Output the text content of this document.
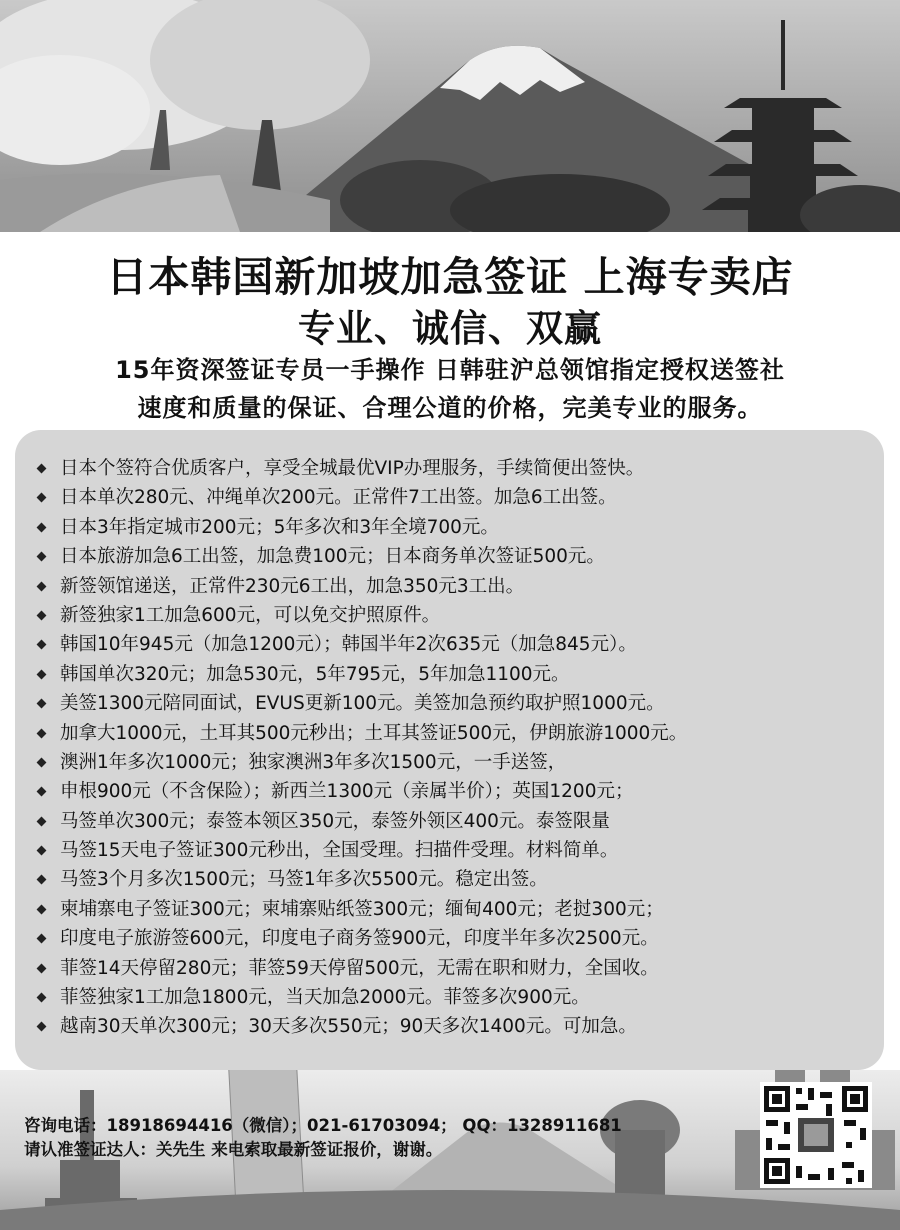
日本韩国新加坡加急签证 上海专卖店
专业、诚信、双赢
15年资深签证专员一手操作 日韩驻沪总领馆指定授权送签社
速度和质量的保证、合理公道的价格，完美专业的服务。
日本个签符合优质客户，享受全城最优VIP办理服务，手续简便出签快。
日本单次280元、冲绳单次200元。正常件7工出签。加急6工出签。
日本3年指定城市200元；5年多次和3年全境700元。
日本旅游加急6工出签，加急费100元；日本商务单次签证500元。
新签领馆递送，正常件230元6工出，加急350元3工出。
新签独家1工加急600元，可以免交护照原件。
韩国10年945元（加急1200元）；韩国半年2次635元（加急845元）。
韩国单次320元；加急530元，5年795元，5年加急1100元。
美签1300元陪同面试，EVUS更新100元。美签加急预约取护照1000元。
加拿大1000元，土耳其500元秒出；土耳其签证500元，伊朗旅游1000元。
澳洲1年多次1000元；独家澳洲3年多次1500元，一手送签，
申根900元（不含保险）；新西兰1300元（亲属半价）；英国1200元；
马签单次300元；泰签本领区350元，泰签外领区400元。泰签限量
马签15天电子签证300元秒出，全国受理。扫描件受理。材料简单。
马签3个月多次1500元；马签1年多次5500元。稳定出签。
柬埔寨电子签证300元；柬埔寨贴纸签300元；缅甸400元；老挝300元；
印度电子旅游签600元，印度电子商务签900元，印度半年多次2500元。
菲签14天停留280元；菲签59天停留500元，无需在职和财力，全国收。
菲签独家1工加急1800元，当天加急2000元。菲签多次900元。
越南30天单次300元；30天多次550元；90天多次1400元。可加急。
咨询电话：18918694416（微信）；021-61703094； QQ：1328911681
请认准签证达人：关先生 来电索取最新签证报价，谢谢。
